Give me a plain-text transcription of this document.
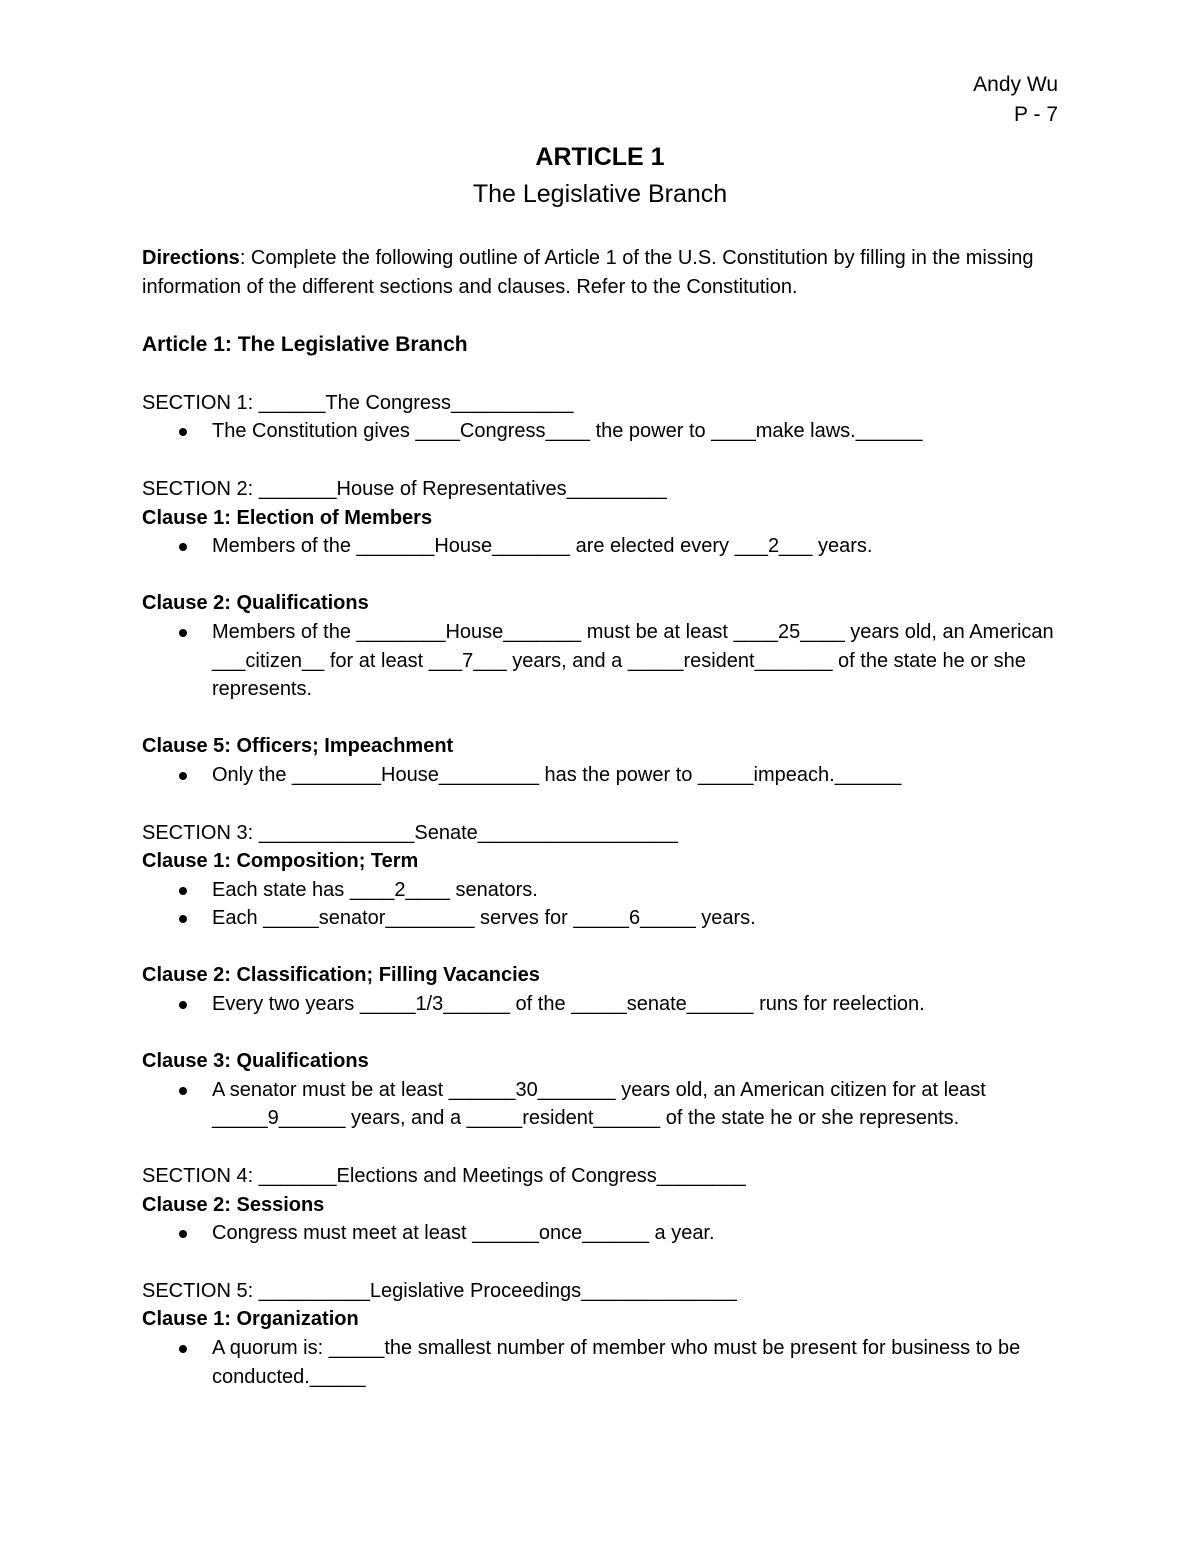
Andy Wu
P - 7
ARTICLE 1
The Legislative Branch
Directions: Complete the following outline of Article 1 of the U.S. Constitution by filling in the missing information of the different sections and clauses. Refer to the Constitution.
Article 1: The Legislative Branch
SECTION 1: ______The Congress___________
The Constitution gives ____Congress____ the power to ____make laws.______
SECTION 2: _______House of Representatives_________
Clause 1: Election of Members
Members of the _______House_______ are elected every ___2___ years.
Clause 2: Qualifications
Members of the ________House_______ must be at least ____25____ years old, an American ___citizen__ for at least ___7___ years, and a _____resident_______ of the state he or she represents.
Clause 5: Officers; Impeachment
Only the ________House_________ has the power to _____impeach.______
SECTION 3: ______________Senate__________________
Clause 1: Composition; Term
Each state has ____2____ senators.
Each _____senator________ serves for _____6_____ years.
Clause 2: Classification; Filling Vacancies
Every two years _____1/3______ of the _____senate______ runs for reelection.
Clause 3: Qualifications
A senator must be at least ______30_______ years old, an American citizen for at least _____9______ years, and a _____resident______ of the state he or she represents.
SECTION 4: _______Elections and Meetings of Congress________
Clause 2: Sessions
Congress must meet at least ______once______ a year.
SECTION 5: __________Legislative Proceedings______________
Clause 1: Organization
A quorum is: _____the smallest number of member who must be present for business to be conducted._____
